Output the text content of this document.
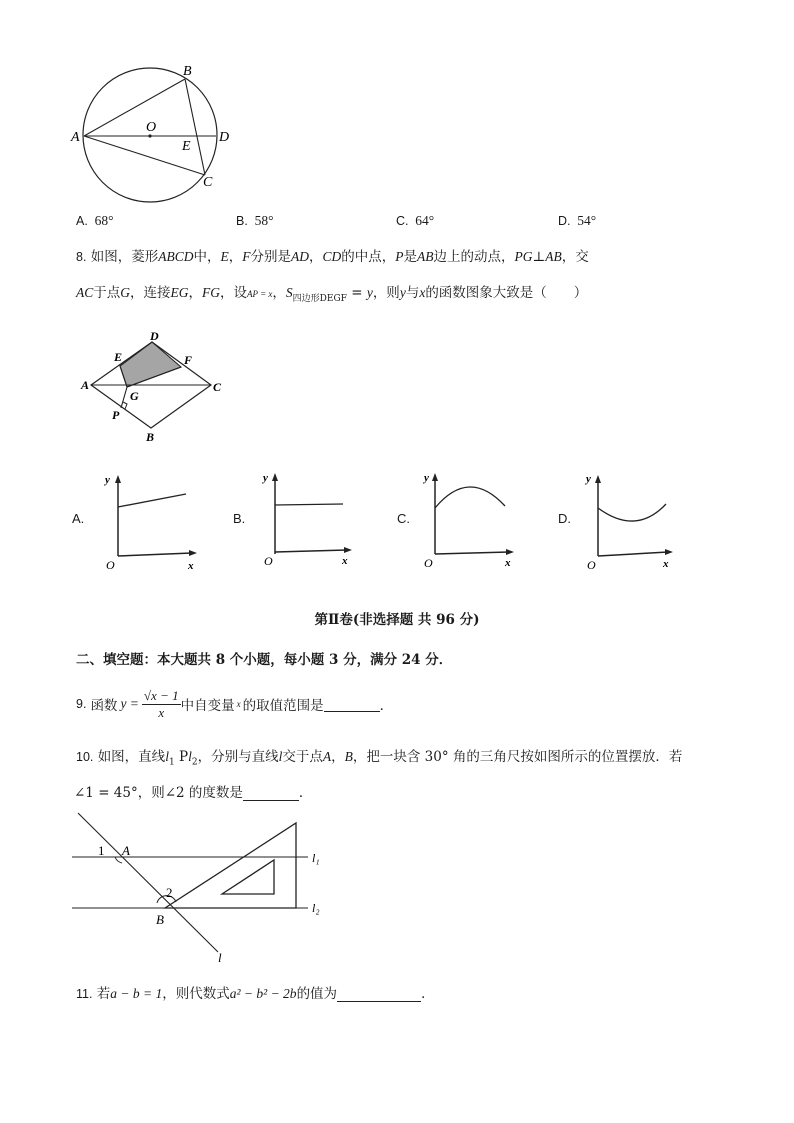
A
B
O
D
E
C
A. 68°	B. 58°	C. 64°	D. 54°
8. 如图，菱形ABCD中，E，F分别是AD，CD的中点，P是AB边上的动点，PG⊥AB，交
AC于点G，连接EG，FG，设AP = x，$S_{四边形DEGF} = y$，则y与x的函数图象大致是（　　）
D
E	F
A
G
C
P
B
A.
y
O	x
B.
y
O	x
C.
y
O	x
D.
y
O	x
第Ⅱ卷(非选择题 共 96 分)
二、填空题：本大题共 8 个小题，每小题 3 分，满分 24 分．
9. 函数 $y = \frac{√x - 1}{x}$ 中自变量 x 的取值范围是	．
10. 如图，直线$l_1$ $Pl_2$，分别与直线l交于点A，B，把一块含 30° 角的三角尺按如图所示的位置摆放．若
∠1 = 45°，则∠2 的度数是	．
1 A	l₁
2
B
l₂
l
11. 若a − b = 1，则代数式a² − b² − 2b的值为	．
